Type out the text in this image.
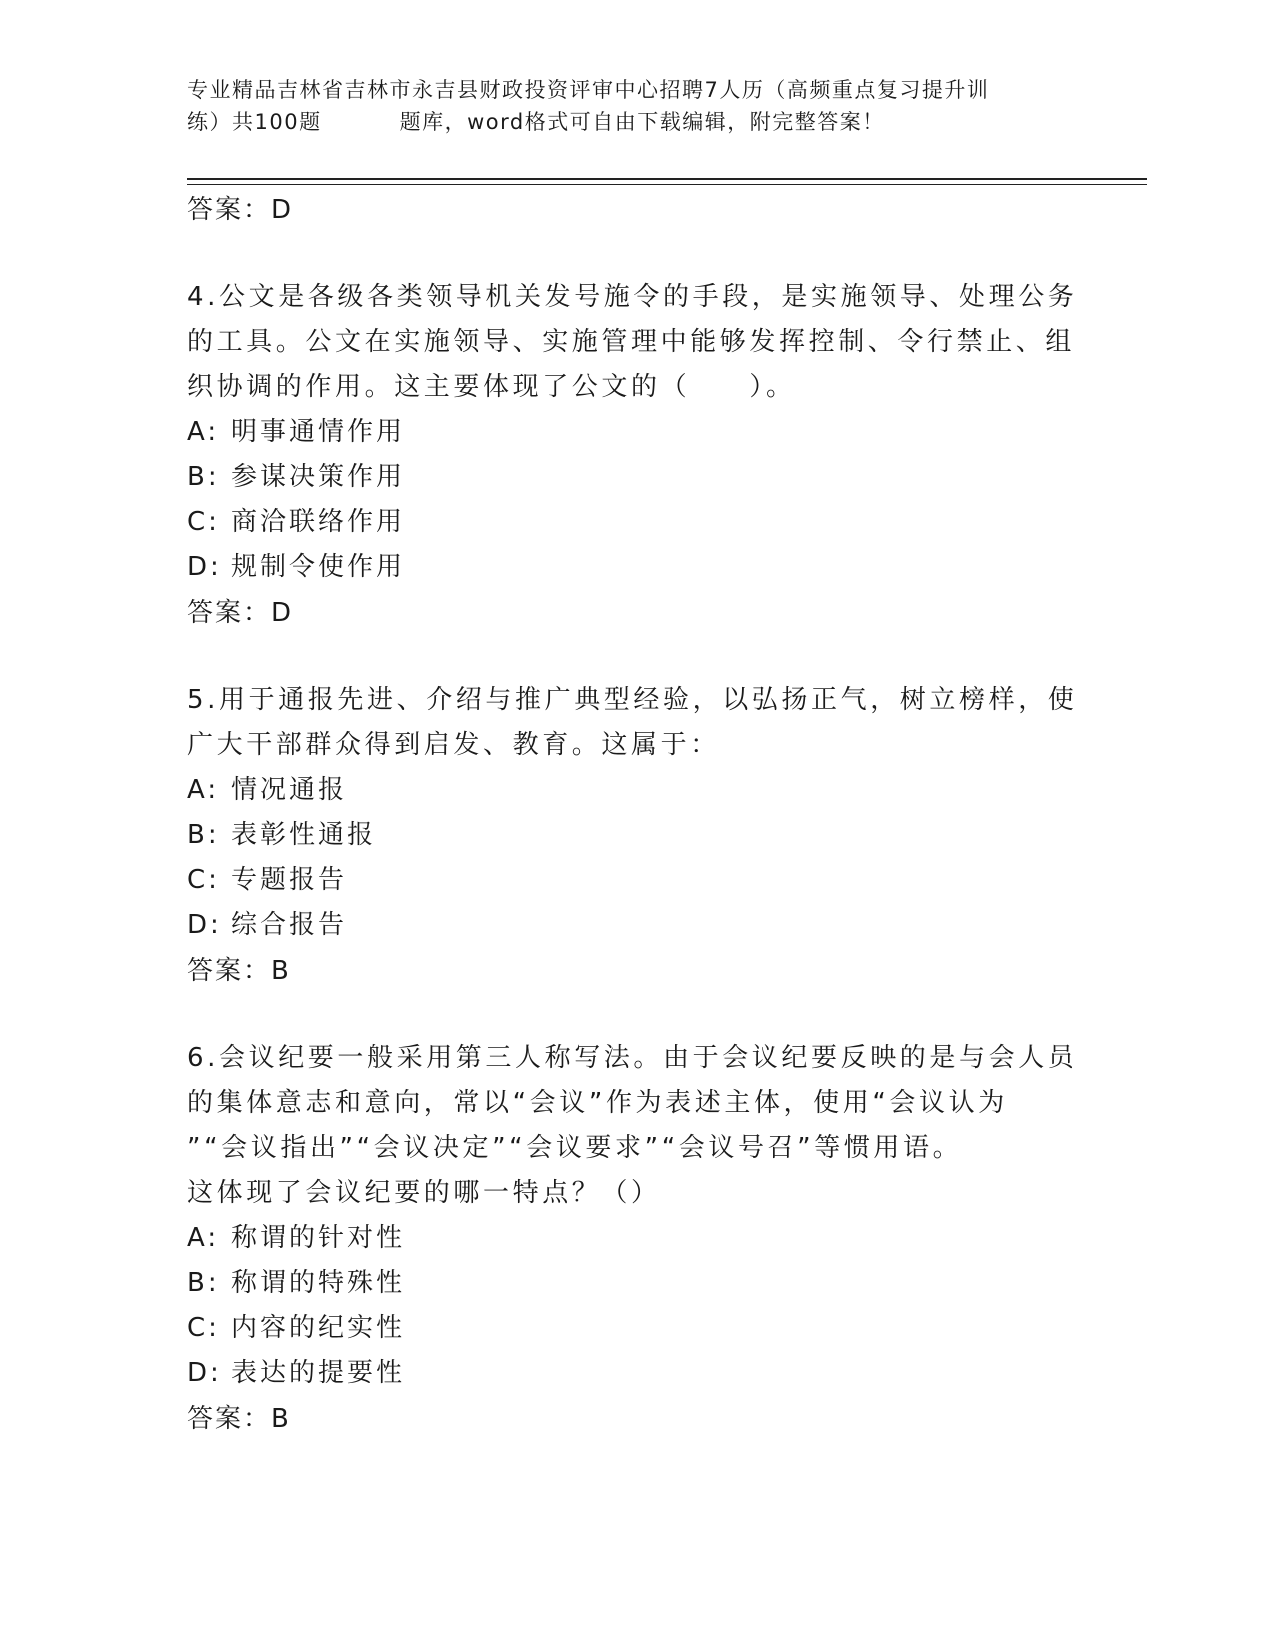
专业精品吉林省吉林市永吉县财政投资评审中心招聘7人历（高频重点复习提升训
练）共100题	题库，word格式可自由下载编辑，附完整答案！
答案：D
4.公文是各级各类领导机关发号施令的手段，是实施领导、处理公务
的工具。公文在实施领导、实施管理中能够发挥控制、令行禁止、组
织协调的作用。这主要体现了公文的（　　）。
A: 明事通情作用
B: 参谋决策作用
C: 商洽联络作用
D: 规制令使作用
答案：D
5.用于通报先进、介绍与推广典型经验，以弘扬正气，树立榜样，使
广大干部群众得到启发、教育。这属于：
A: 情况通报
B: 表彰性通报
C: 专题报告
D: 综合报告
答案：B
6.会议纪要一般采用第三人称写法。由于会议纪要反映的是与会人员
的集体意志和意向，常以“会议”作为表述主体，使用“会议认为
”“会议指出”“会议决定”“会议要求”“会议号召”等惯用语。
这体现了会议纪要的哪一特点？（）
A: 称谓的针对性
B: 称谓的特殊性
C: 内容的纪实性
D: 表达的提要性
答案：B
